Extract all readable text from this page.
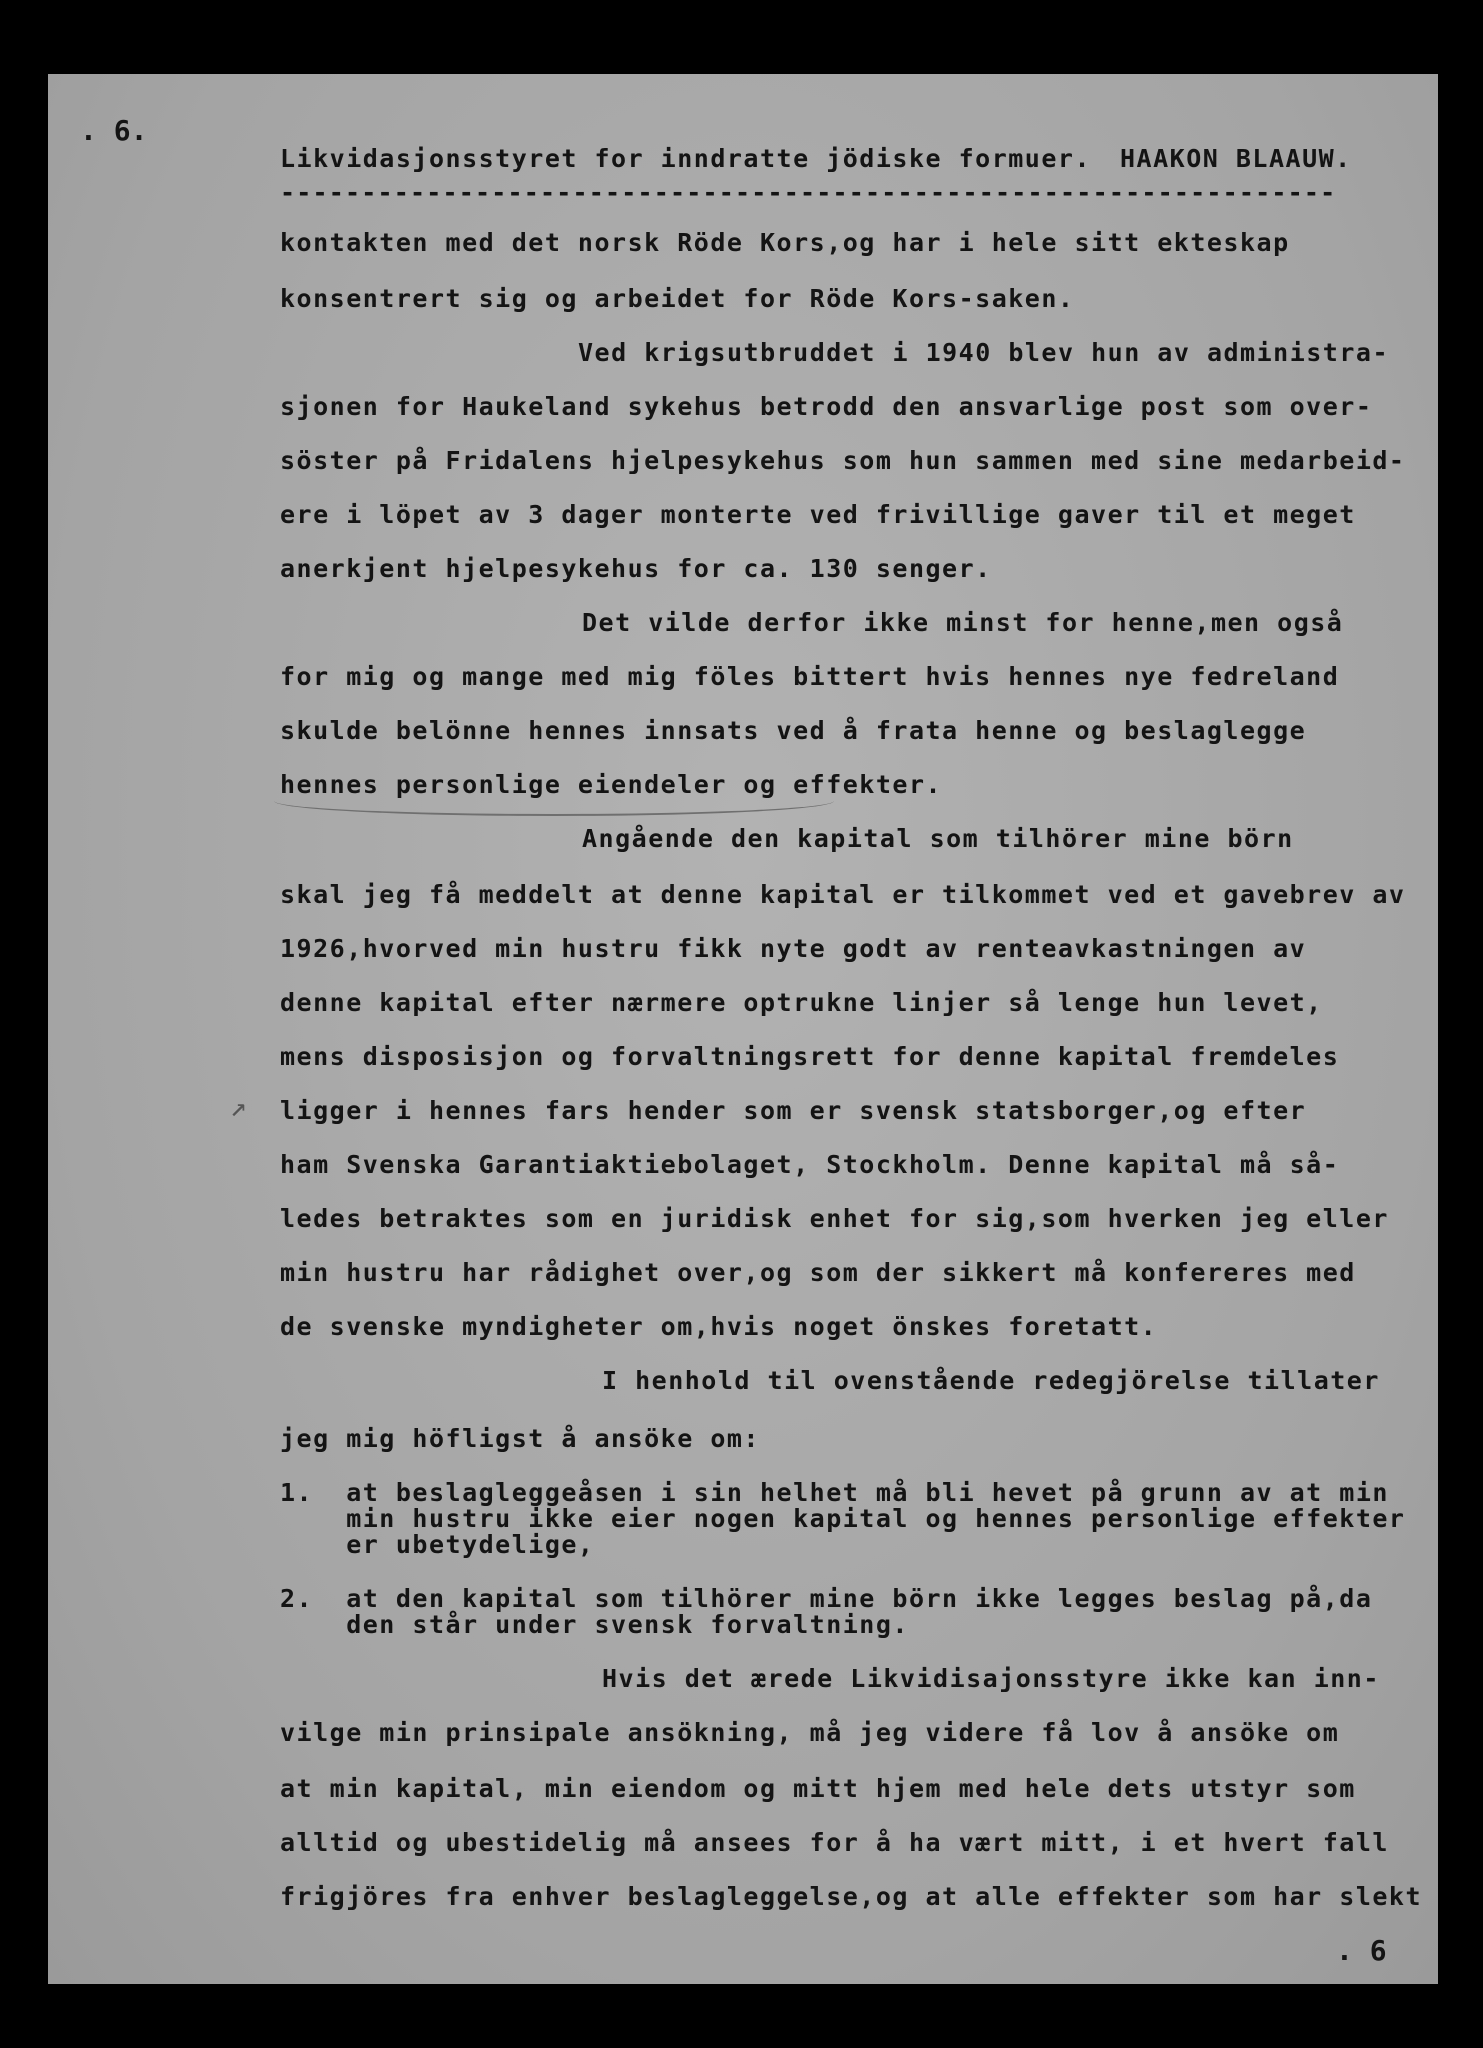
. 6.
Likvidasjonsstyret for inndratte jödiske formuer. HAAKON BLAAUW.
-----------------------------------------------------------------
kontakten med det norsk Röde Kors,og har i hele sitt ekteskap
konsentrert sig og arbeidet for Röde Kors-saken.
Ved krigsutbruddet i 1940 blev hun av administra-
sjonen for Haukeland sykehus betrodd den ansvarlige post som over-
söster på Fridalens hjelpesykehus som hun sammen med sine medarbeid-
ere i löpet av 3 dager monterte ved frivillige gaver til et meget
anerkjent hjelpesykehus for ca. 130 senger.
Det vilde derfor ikke minst for henne,men også
for mig og mange med mig föles bittert hvis hennes nye fedreland
skulde belönne hennes innsats ved å frata henne og beslaglegge
hennes personlige eiendeler og effekter.
Angående den kapital som tilhörer mine börn
skal jeg få meddelt at denne kapital er tilkommet ved et gavebrev av
1926,hvorved min hustru fikk nyte godt av renteavkastningen av
denne kapital efter nærmere optrukne linjer så lenge hun levet,
mens disposisjon og forvaltningsrett for denne kapital fremdeles
ligger i hennes fars hender som er svensk statsborger,og efter
ham Svenska Garantiaktiebolaget, Stockholm. Denne kapital må så-
ledes betraktes som en juridisk enhet for sig,som hverken jeg eller
min hustru har rådighet over,og som der sikkert må konfereres med
de svenske myndigheter om,hvis noget önskes foretatt.
I henhold til ovenstående redegjörelse tillater
jeg mig höfligst å ansöke om:
1.  at beslagleggeåsen i sin helhet må bli hevet på grunn av at min
min hustru ikke eier nogen kapital og hennes personlige effekter
er ubetydelige,
2.  at den kapital som tilhörer mine börn ikke legges beslag på,da
den står under svensk forvaltning.
Hvis det ærede Likvidisajonsstyre ikke kan inn-
vilge min prinsipale ansökning, må jeg videre få lov å ansöke om
at min kapital, min eiendom og mitt hjem med hele dets utstyr som
alltid og ubestidelig må ansees for å ha vært mitt, i et hvert fall
frigjöres fra enhver beslagleggelse,og at alle effekter som har slekt
↗
. 6
